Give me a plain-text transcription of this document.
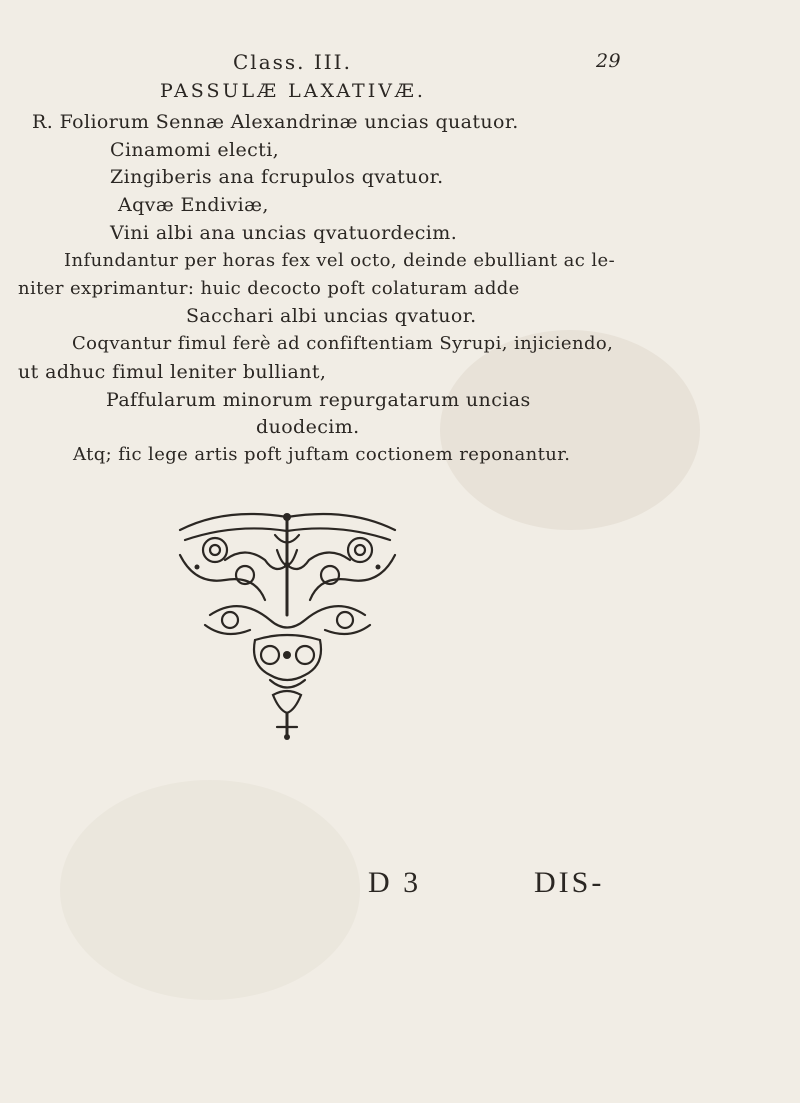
Class. III.	29
PASSULÆ LAXATIVÆ.
R. Foliorum Sennæ Alexandrinæ uncias quatuor.
Cinamomi electi,
Zingiberis ana fcrupulos qvatuor.
Aqvæ Endiviæ,
Vini albi ana uncias qvatuordecim.
Infundantur per horas fex vel octo, deinde ebulliant ac le-
niter exprimantur: huic decocto poft colaturam adde
Sacchari albi uncias qvatuor.
Coqvantur fimul ferè ad confiftentiam Syrupi, injiciendo,
ut adhuc fimul leniter bulliant,
Paffularum minorum repurgatarum uncias
duodecim.
Atq; fic lege artis poft juftam coctionem reponantur.
D 3	DIS-
